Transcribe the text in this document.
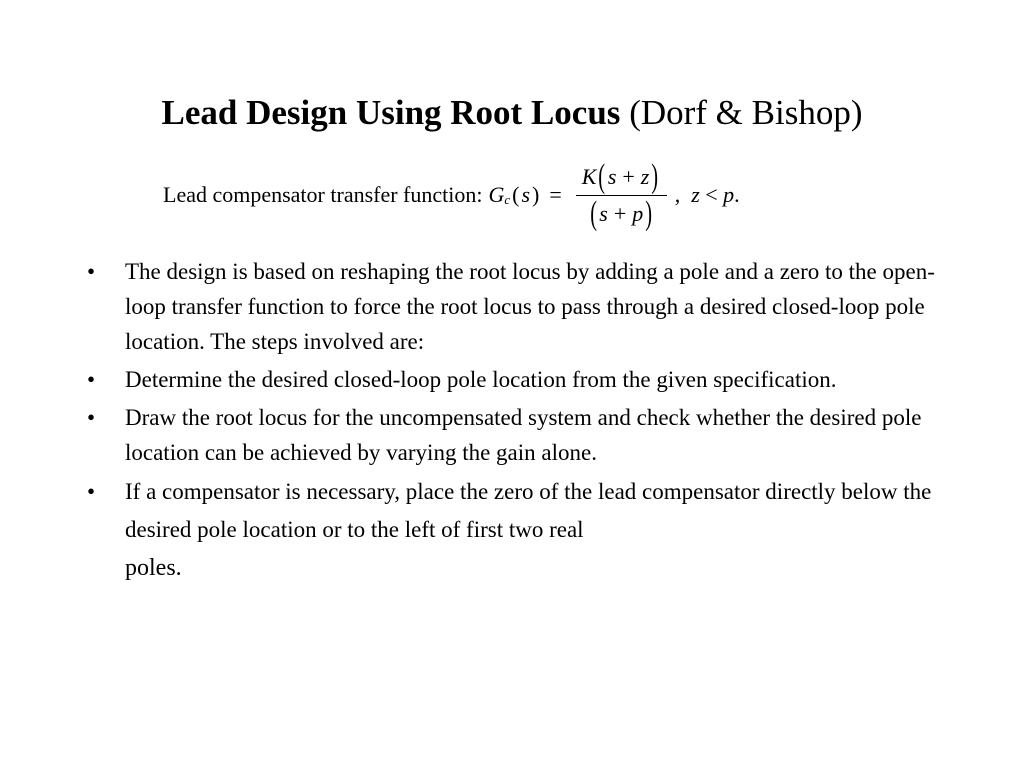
Lead Design Using Root Locus (Dorf & Bishop)
Lead compensator transfer function: $G_c$ ( s ) = $\frac{K ( s + z )}{( s + p )}$ ,  z < p.
• The design is based on reshaping the root locus by adding a pole and a zero to the open-loop transfer function to force the root locus to pass through a desired closed-loop pole location. The steps involved are:
• Determine the desired closed-loop pole location from the given specification.
• Draw the root locus for the uncompensated system and check whether the desired pole location can be achieved by varying the gain alone.
• If a compensator is necessary, place the zero of the lead compensator directly below the desired pole location or to the left of first two real
poles.
